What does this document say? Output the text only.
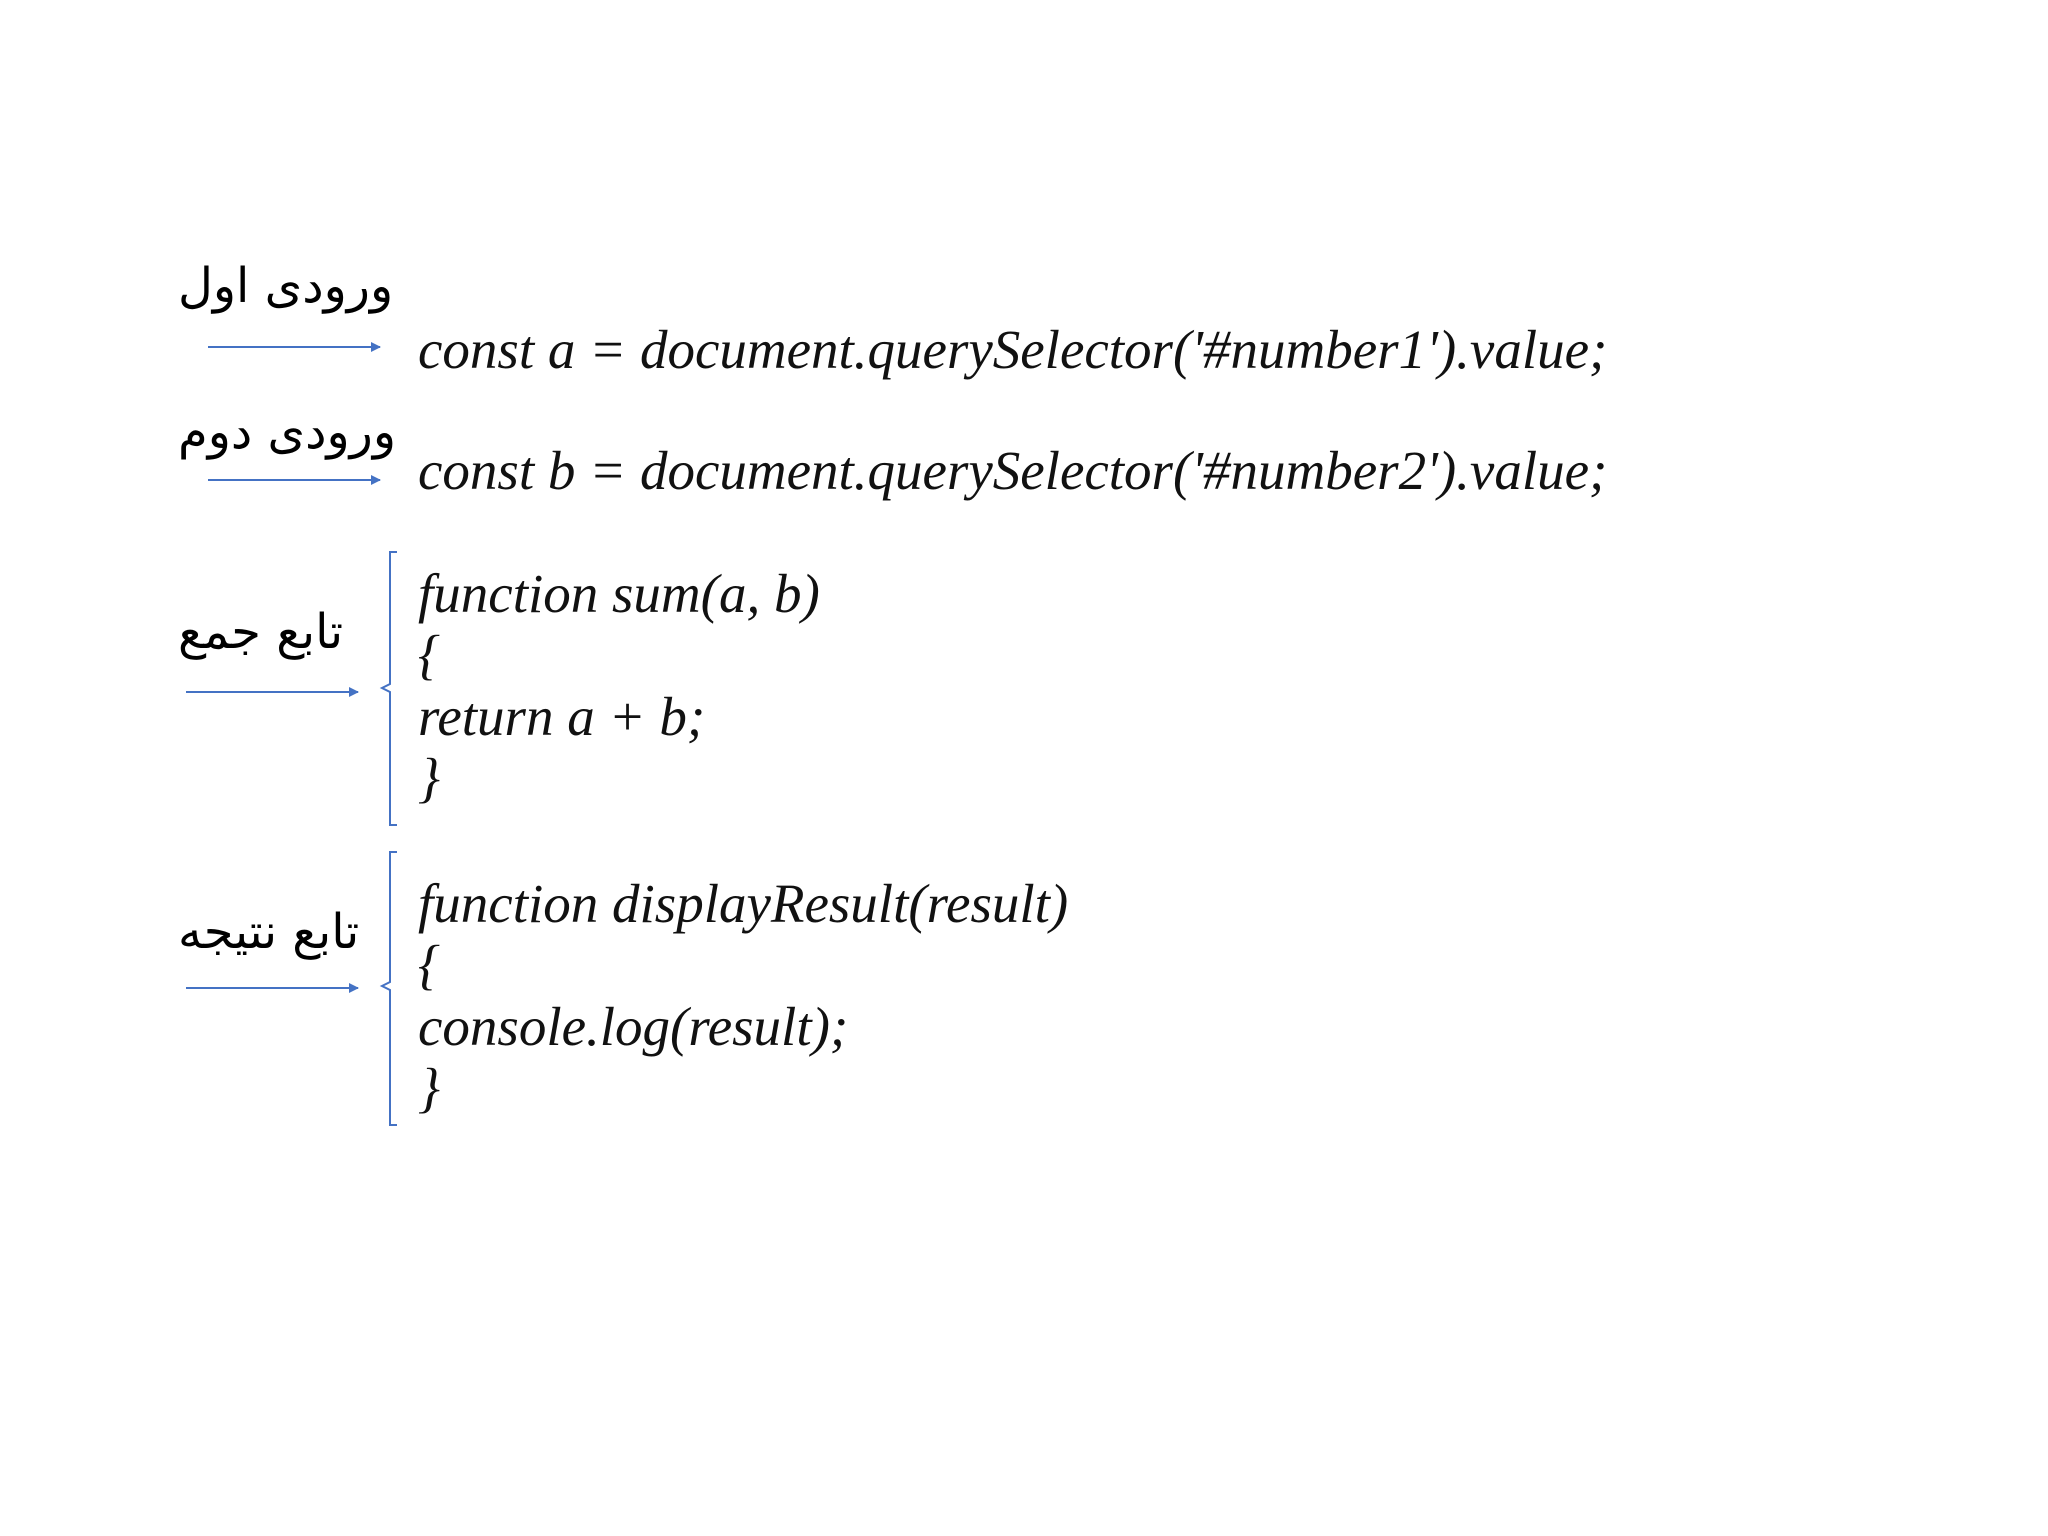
ورودی اول
ورودی دوم
تابع جمع
تابع نتیجه
const a = document.querySelector('#number1').value;
const b = document.querySelector('#number2').value;
function sum(a, b)
{
return a + b;
}
function displayResult(result)
{
console.log(result);
}
